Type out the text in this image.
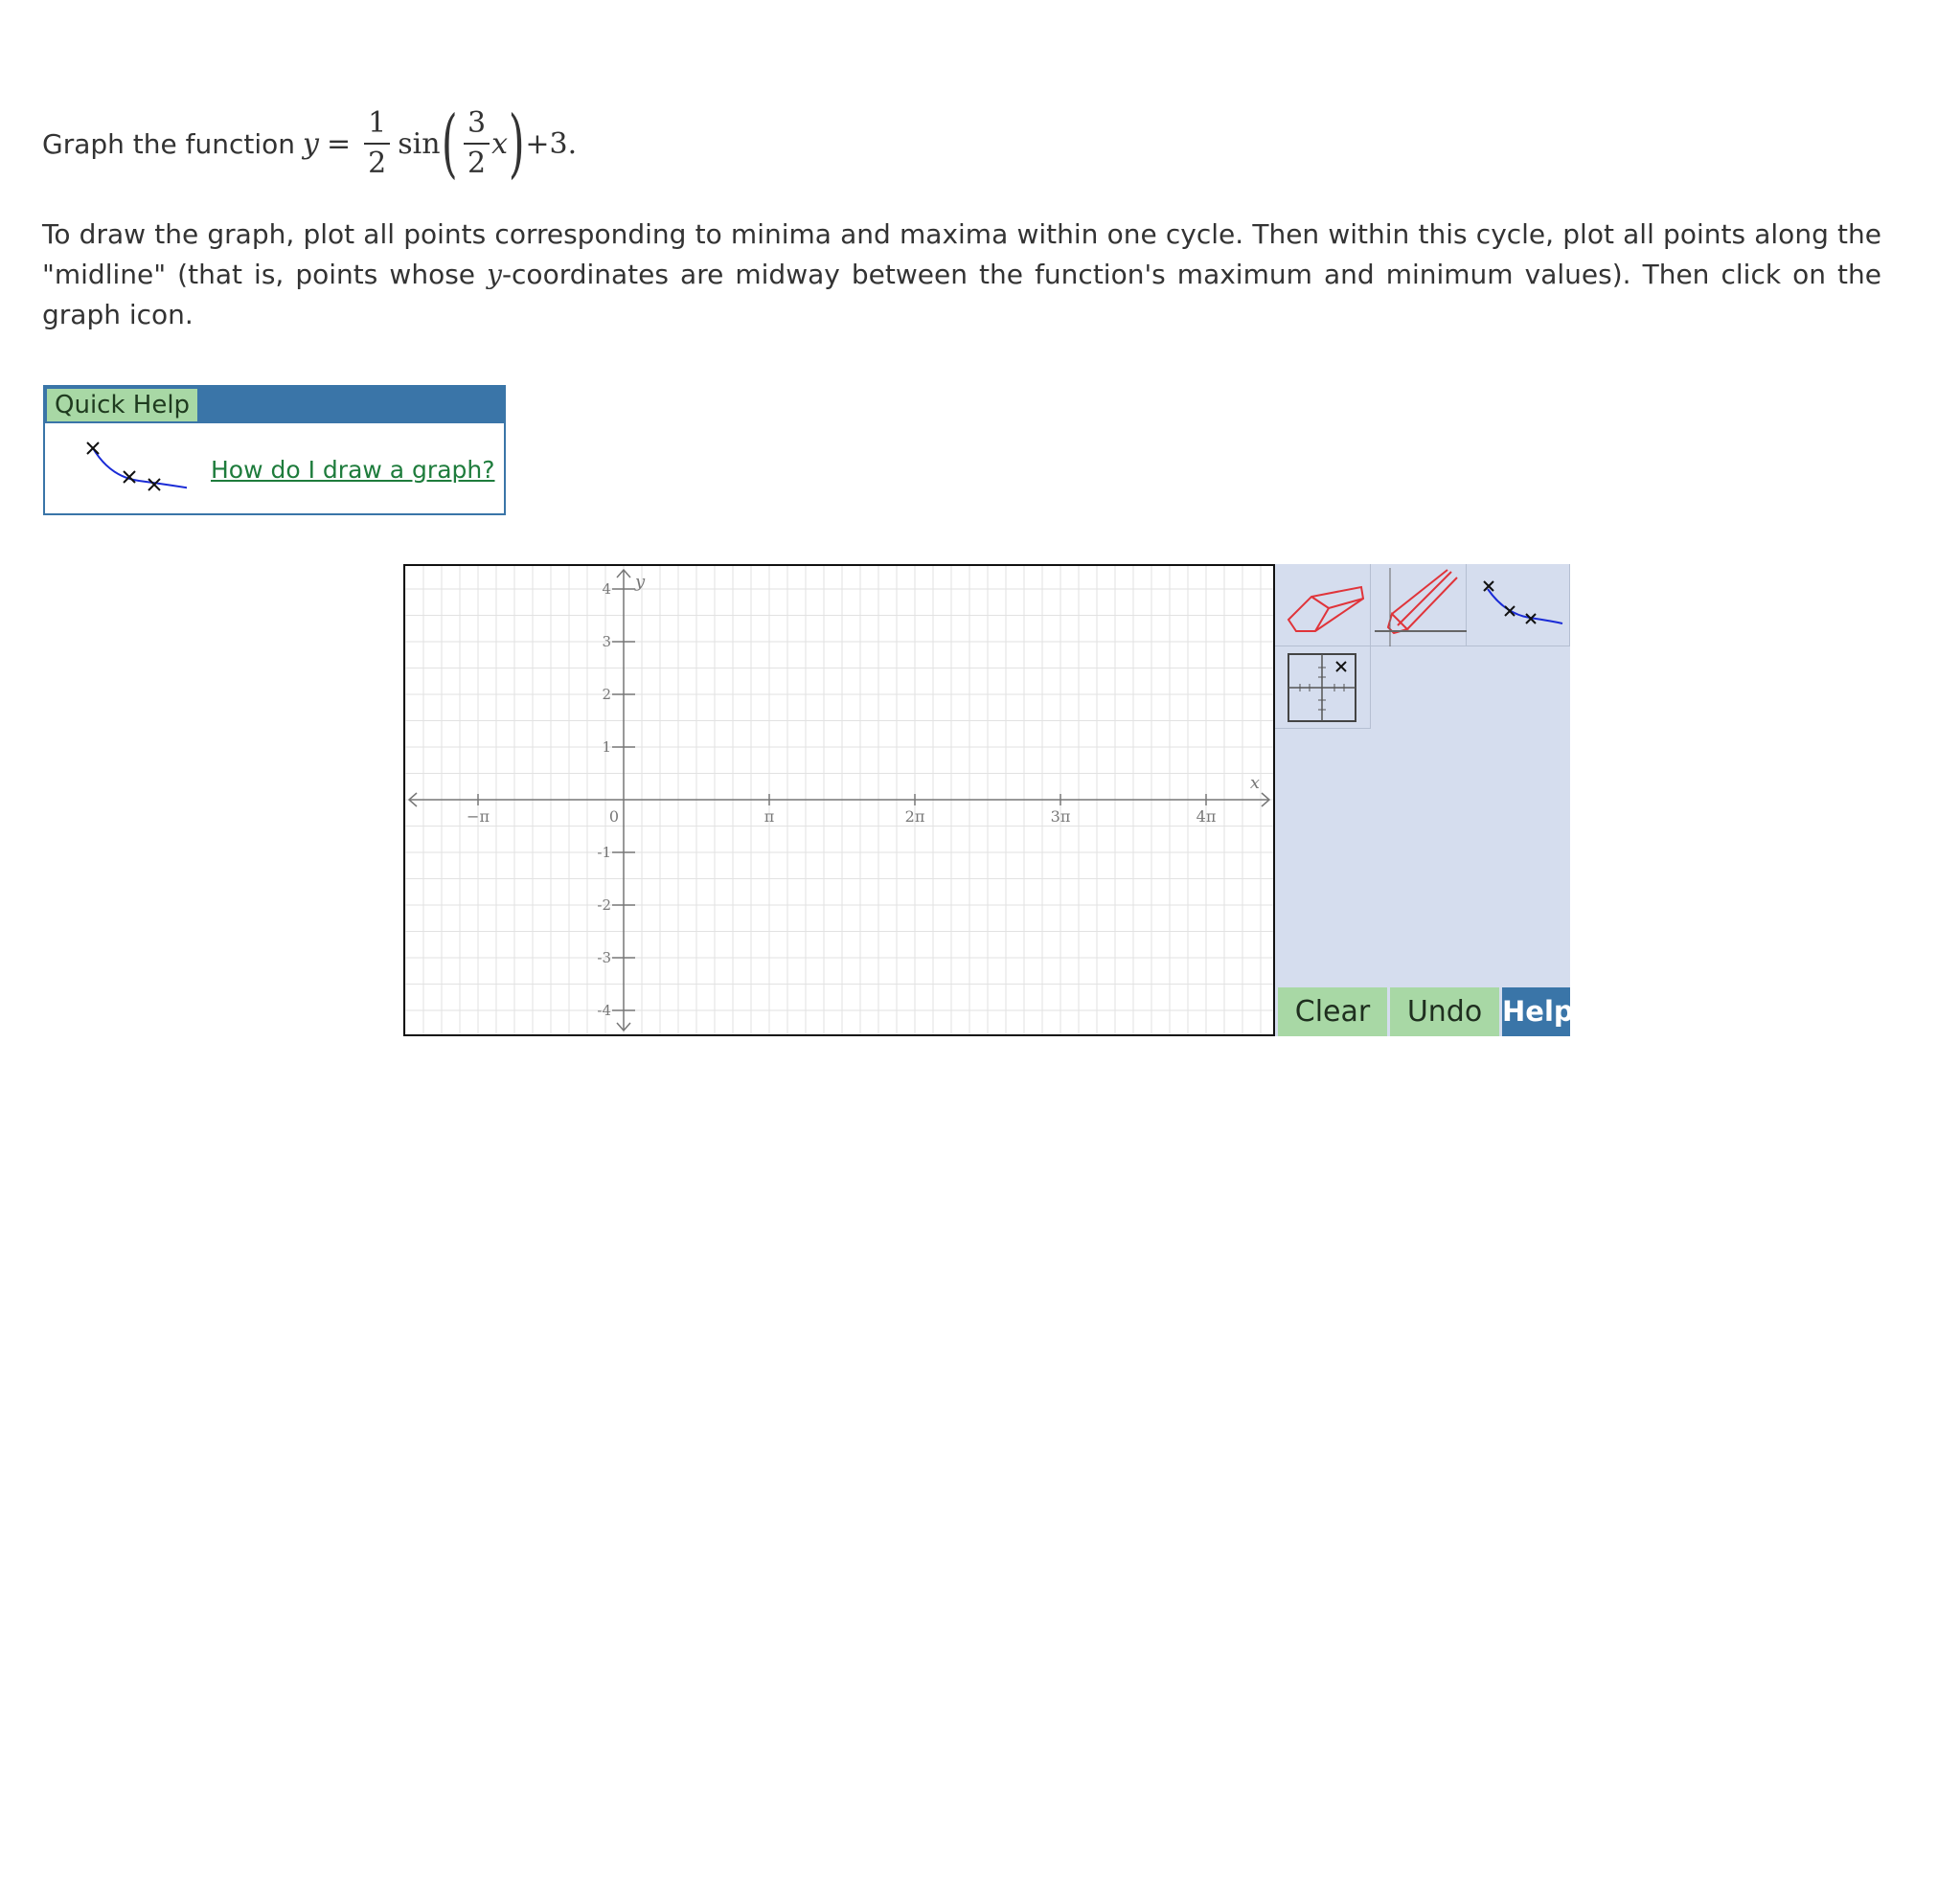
Graph the function $y = \frac{1}{2}$ sin ( $\frac{3}{2}$ x ) +3.
To draw the graph, plot all points corresponding to minima and maxima within one cycle. Then within this cycle, plot all points along the "midline" (that is, points whose y-coordinates are midway between the function's maximum and minimum values). Then click on the graph icon.
Quick Help
How do I draw a graph?
−π	0	π	2π	3π	4π
4
3
2
1
-1
-2
-3
-4
x
y
Clear	Undo Help
